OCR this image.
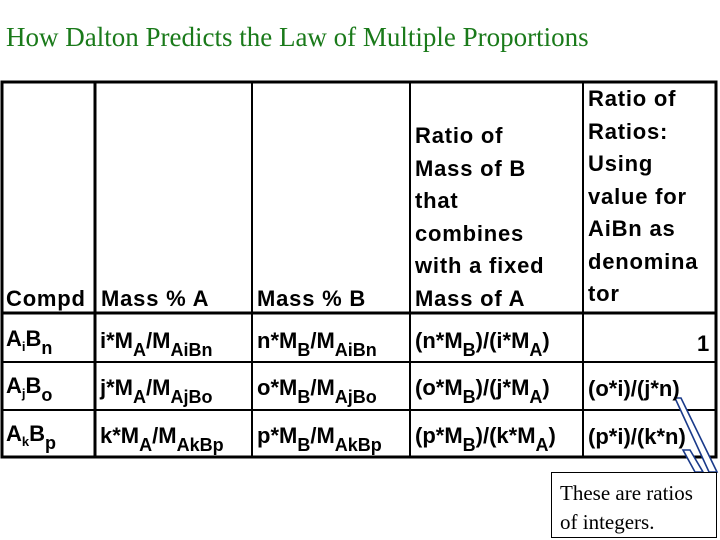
How Dalton Predicts the Law of Multiple Proportions
Compd Mass % A Mass % B
Ratio of
Mass of B
that
combines
with a fixed
Mass of A
Ratio of
Ratios:
Using
value for
AiBn as
denomina
tor
$A_iB_n$ $i*M_A/M_{AiBn}$ $n*M_B/M_{AiBn}$ $(n*M_B)/(i*M_A)$	1
$A_jB_o$ $j*M_A/M_{AjBo}$ $o*M_B/M_{AjBo}$ $(o*M_B)/(j*M_A)$ (o*i)/(j*n)
$A_kB_p$ $k*M_A/M_{AkBp}$ $p*M_B/M_{AkBp}$ $(p*M_B)/(k*M_A)$ (p*i)/(k*n)
These are ratios
of integers.
